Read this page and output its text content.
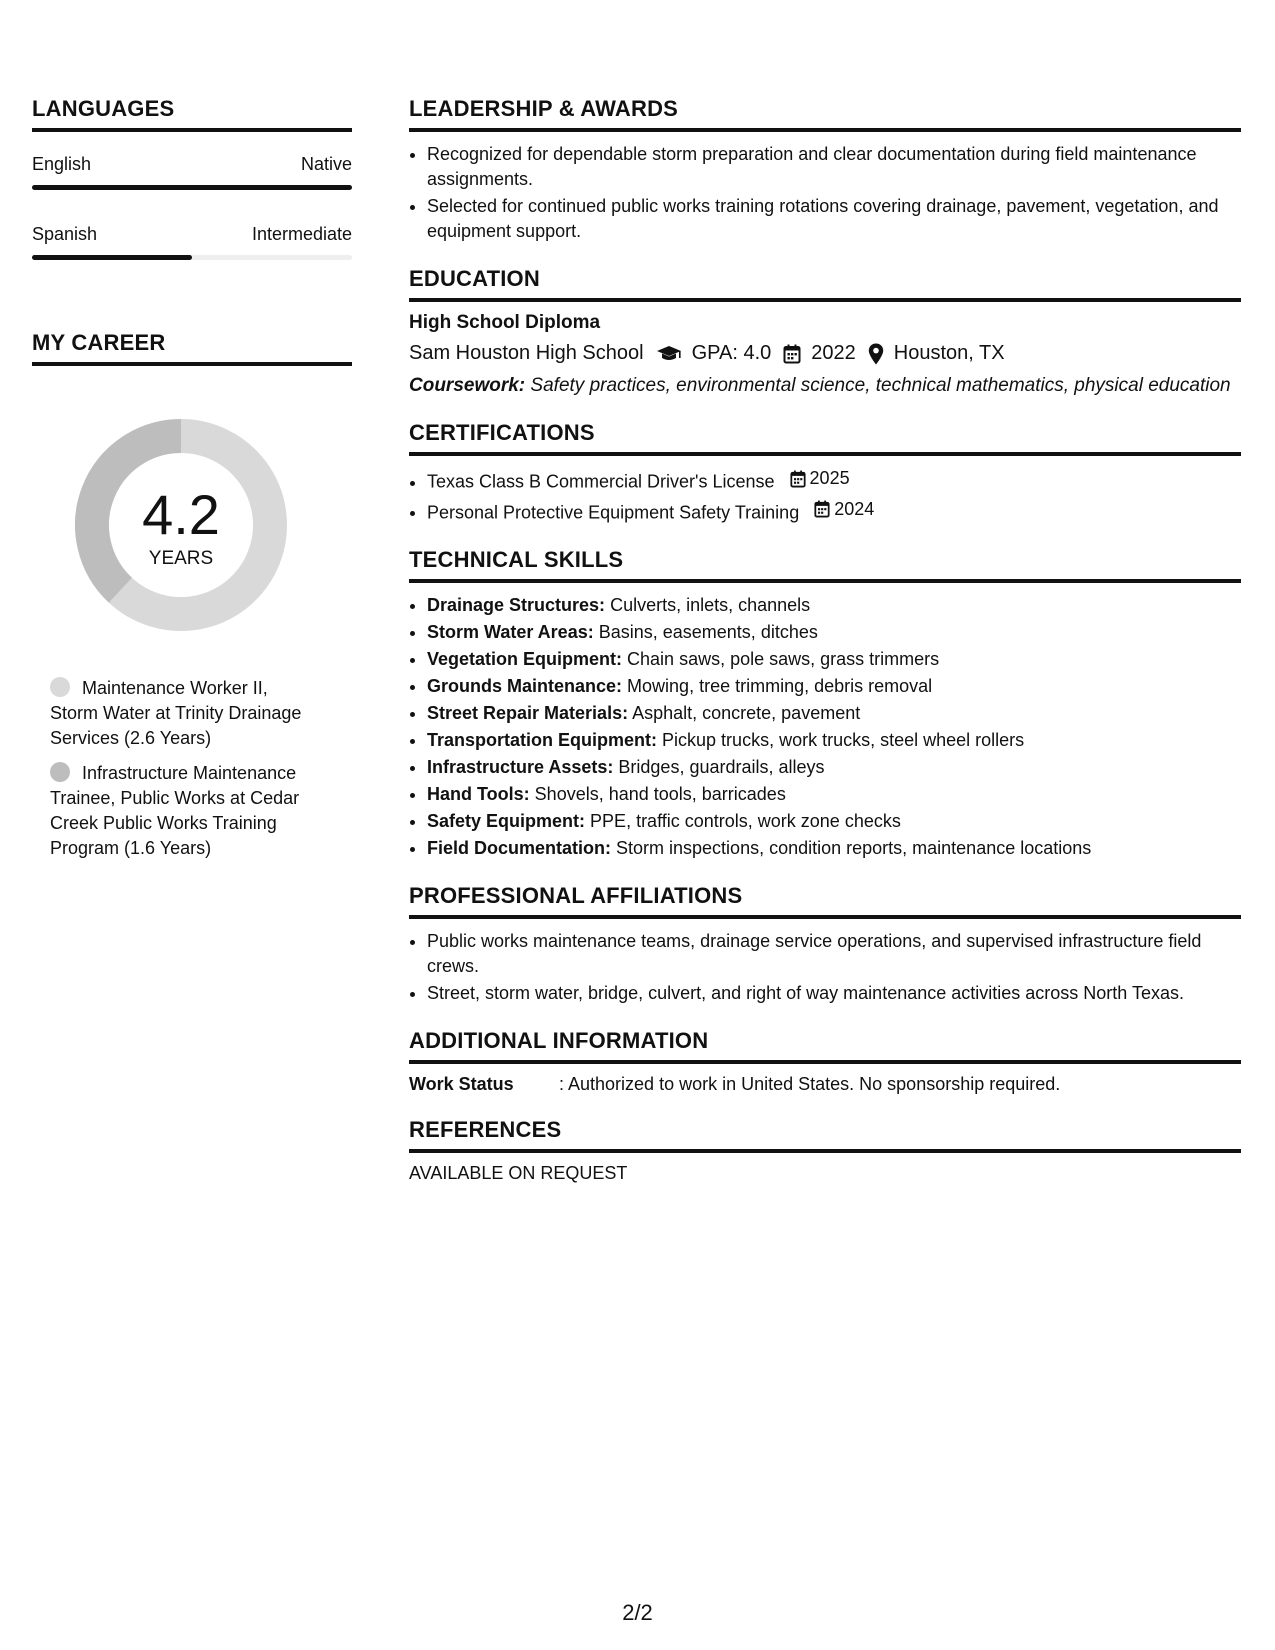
LANGUAGES
English	Native
Spanish	Intermediate
MY CAREER
4.2
YEARS
Maintenance Worker II, Storm Water at Trinity Drainage Services (2.6 Years)
Infrastructure Maintenance Trainee, Public Works at Cedar Creek Public Works Training Program (1.6 Years)
LEADERSHIP & AWARDS
• Recognized for dependable storm preparation and clear documentation during field maintenance assignments.
• Selected for continued public works training rotations covering drainage, pavement, vegetation, and equipment support.
EDUCATION
High School Diploma
Sam Houston High School GPA: 4.0 2022 Houston, TX
Coursework: Safety practices, environmental science, technical mathematics, physical education
CERTIFICATIONS
• Texas Class B Commercial Driver's License 2025
• Personal Protective Equipment Safety Training 2024
TECHNICAL SKILLS
• Drainage Structures: Culverts, inlets, channels
• Storm Water Areas: Basins, easements, ditches
• Vegetation Equipment: Chain saws, pole saws, grass trimmers
• Grounds Maintenance: Mowing, tree trimming, debris removal
• Street Repair Materials: Asphalt, concrete, pavement
• Transportation Equipment: Pickup trucks, work trucks, steel wheel rollers
• Infrastructure Assets: Bridges, guardrails, alleys
• Hand Tools: Shovels, hand tools, barricades
• Safety Equipment: PPE, traffic controls, work zone checks
• Field Documentation: Storm inspections, condition reports, maintenance locations
PROFESSIONAL AFFILIATIONS
• Public works maintenance teams, drainage service operations, and supervised infrastructure field crews.
• Street, storm water, bridge, culvert, and right of way maintenance activities across North Texas.
ADDITIONAL INFORMATION
Work Status	: Authorized to work in United States. No sponsorship required.
REFERENCES
AVAILABLE ON REQUEST
2/2
